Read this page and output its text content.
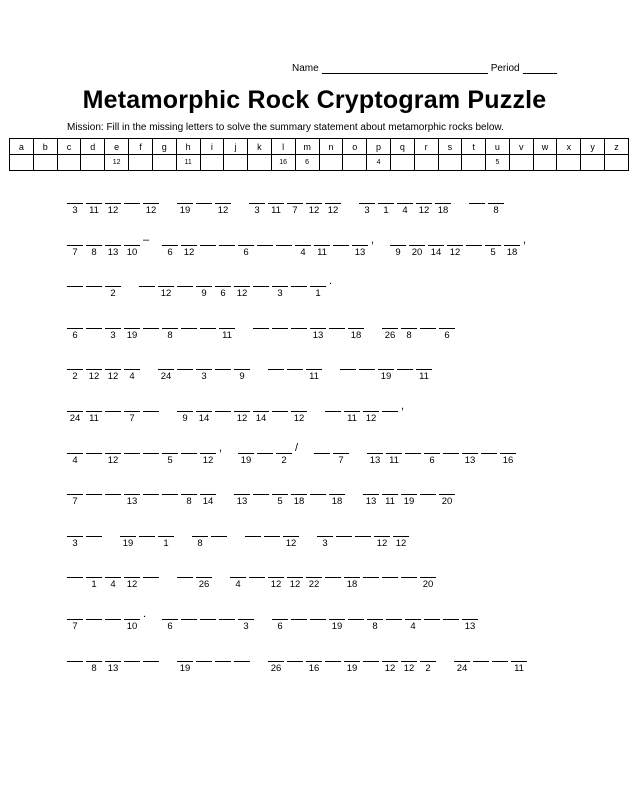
Name	Period
Metamorphic Rock Cryptogram Puzzle
Mission: Fill in the missing letters to solve the summary statement about metamorphic rocks below.
a	b	c	d	e	f	g	h	i	j	k	l	m	n	o	p	q	r	s	t	u	v	w	x	y	z
				12			11				16	6			4					5					
3	11 12	12 19	12	3	11	7	12 12	3	1	4	12 18	8
7	8	13 10
–
6	12	6	4	11	13
,
9	20 14 12	5	18
,
2	12	9	6	12	3	1
.
6	3	19	8	11	13	18 26	8	6
2	12 12	4	24	3	9	11	19	11
24 11	7	9	14	12 14	12	11 12
,
4	12	5	12
,
19	2
/
7	13 11	6	13	16
7	13	8	14 13	5	18	18 13 11 19	20
3	19	1	8	12	3	12 12
1	4	12	26	4	12 12 22	18	20
7	10
.
6	3	6	19	8	4	13
8	13	19	26	16	19	12 12	2	24	11
